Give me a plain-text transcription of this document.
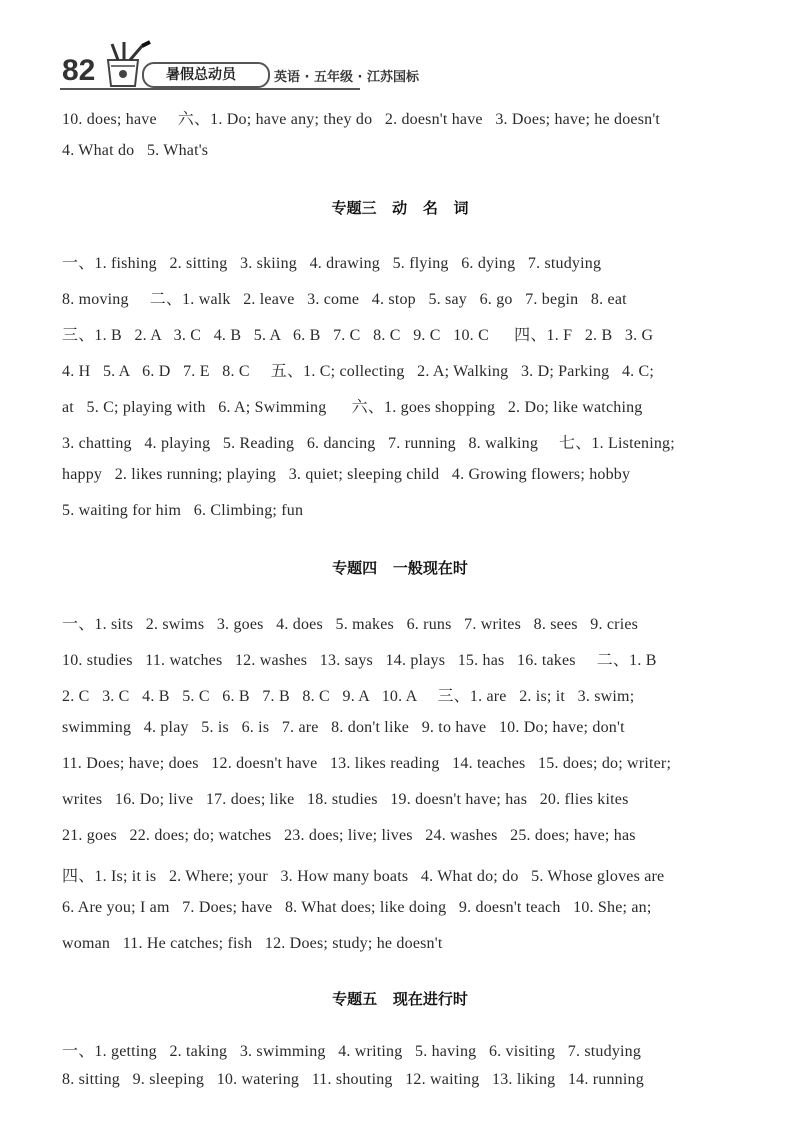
82	暑假总动员	英语 · 五年级 · 江苏国标
10. does; have     六、1. Do; have any; they do   2. doesn't have   3. Does; have; he doesn't
4. What do   5. What's
专题三   动   名   词
一、1. fishing   2. sitting   3. skiing   4. drawing   5. flying   6. dying   7. studying
8. moving     二、1. walk   2. leave   3. come   4. stop   5. say   6. go   7. begin   8. eat
三、1. B   2. A   3. C   4. B   5. A   6. B   7. C   8. C   9. C   10. C      四、1. F   2. B   3. G
4. H   5. A   6. D   7. E   8. C     五、1. C; collecting   2. A; Walking   3. D; Parking   4. C;
at   5. C; playing with   6. A; Swimming      六、1. goes shopping   2. Do; like watching
3. chatting   4. playing   5. Reading   6. dancing   7. running   8. walking     七、1. Listening;
happy   2. likes running; playing   3. quiet; sleeping child   4. Growing flowers; hobby
5. waiting for him   6. Climbing; fun
专题四   一般现在时
一、1. sits   2. swims   3. goes   4. does   5. makes   6. runs   7. writes   8. sees   9. cries
10. studies   11. watches   12. washes   13. says   14. plays   15. has   16. takes     二、1. B
2. C   3. C   4. B   5. C   6. B   7. B   8. C   9. A   10. A     三、1. are   2. is; it   3. swim;
swimming   4. play   5. is   6. is   7. are   8. don't like   9. to have   10. Do; have; don't
11. Does; have; does   12. doesn't have   13. likes reading   14. teaches   15. does; do; writer;
writes   16. Do; live   17. does; like   18. studies   19. doesn't have; has   20. flies kites
21. goes   22. does; do; watches   23. does; live; lives   24. washes   25. does; have; has
四、1. Is; it is   2. Where; your   3. How many boats   4. What do; do   5. Whose gloves are
6. Are you; I am   7. Does; have   8. What does; like doing   9. doesn't teach   10. She; an;
woman   11. He catches; fish   12. Does; study; he doesn't
专题五   现在进行时
一、1. getting   2. taking   3. swimming   4. writing   5. having   6. visiting   7. studying
8. sitting   9. sleeping   10. watering   11. shouting   12. waiting   13. liking   14. running
